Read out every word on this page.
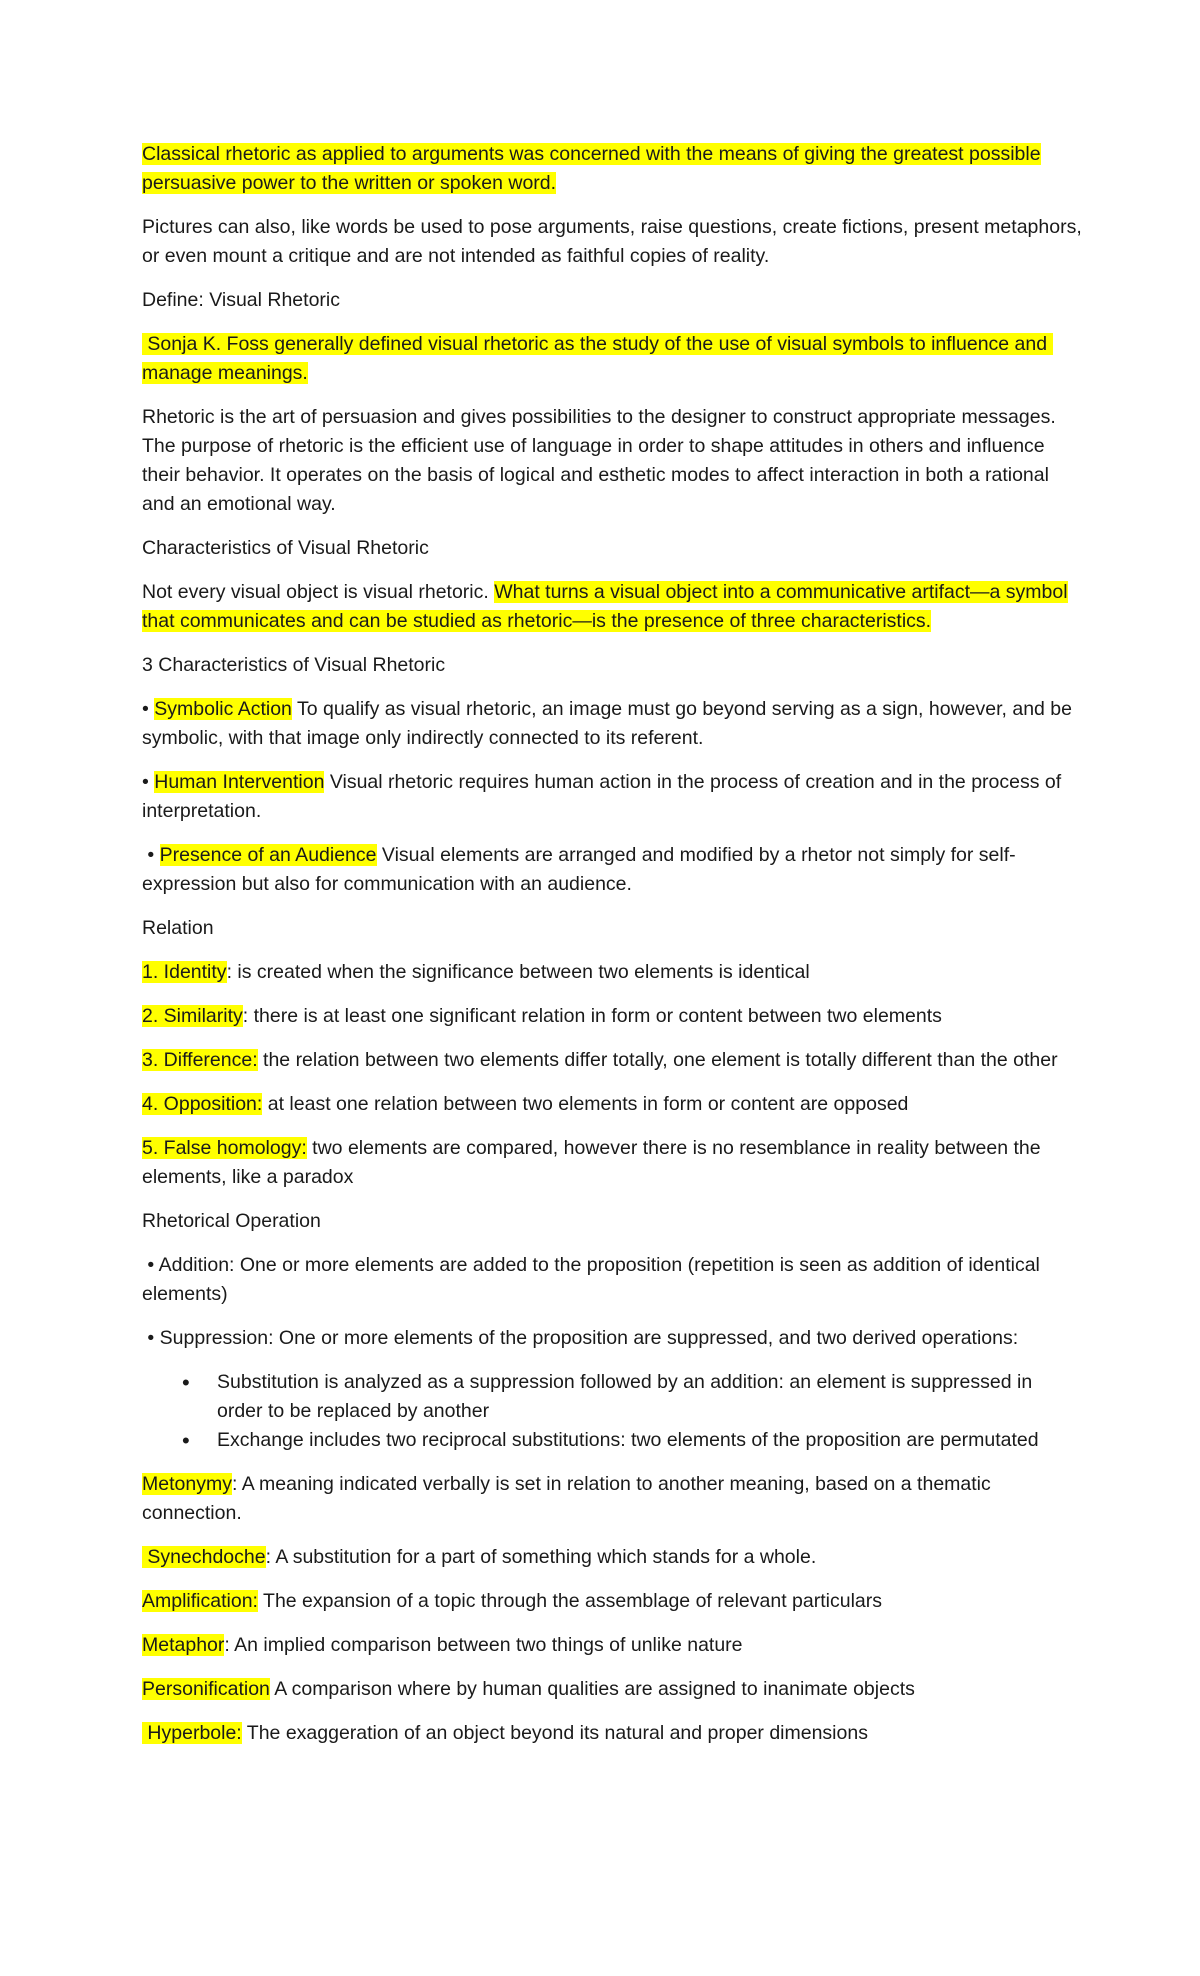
Classical rhetoric as applied to arguments was concerned with the means of giving the greatest possible persuasive power to the written or spoken word.

Pictures can also, like words be used to pose arguments, raise questions, create fictions, present metaphors, or even mount a critique and are not intended as faithful copies of reality.

Define: Visual Rhetoric

Sonja K. Foss generally defined visual rhetoric as the study of the use of visual symbols to influence and manage meanings.

Rhetoric is the art of persuasion and gives possibilities to the designer to construct appropriate messages. The purpose of rhetoric is the efficient use of language in order to shape attitudes in others and influence their behavior. It operates on the basis of logical and esthetic modes to affect interaction in both a rational and an emotional way.

Characteristics of Visual Rhetoric

Not every visual object is visual rhetoric. What turns a visual object into a communicative artifact—a symbol that communicates and can be studied as rhetoric—is the presence of three characteristics.

3 Characteristics of Visual Rhetoric

• Symbolic Action To qualify as visual rhetoric, an image must go beyond serving as a sign, however, and be symbolic, with that image only indirectly connected to its referent.

• Human Intervention Visual rhetoric requires human action in the process of creation and in the process of interpretation.

• Presence of an Audience Visual elements are arranged and modified by a rhetor not simply for self-expression but also for communication with an audience.

Relation

1. Identity: is created when the significance between two elements is identical

2. Similarity: there is at least one significant relation in form or content between two elements

3. Difference: the relation between two elements differ totally, one element is totally different than the other

4. Opposition: at least one relation between two elements in form or content are opposed

5. False homology: two elements are compared, however there is no resemblance in reality between the elements, like a paradox

Rhetorical Operation

• Addition: One or more elements are added to the proposition (repetition is seen as addition of identical elements)

• Suppression: One or more elements of the proposition are suppressed, and two derived operations:

• Substitution is analyzed as a suppression followed by an addition: an element is suppressed in order to be replaced by another
• Exchange includes two reciprocal substitutions: two elements of the proposition are permutated

Metonymy: A meaning indicated verbally is set in relation to another meaning, based on a thematic connection.

Synechdoche: A substitution for a part of something which stands for a whole.

Amplification: The expansion of a topic through the assemblage of relevant particulars

Metaphor: An implied comparison between two things of unlike nature

Personification A comparison where by human qualities are assigned to inanimate objects

Hyperbole: The exaggeration of an object beyond its natural and proper dimensions
